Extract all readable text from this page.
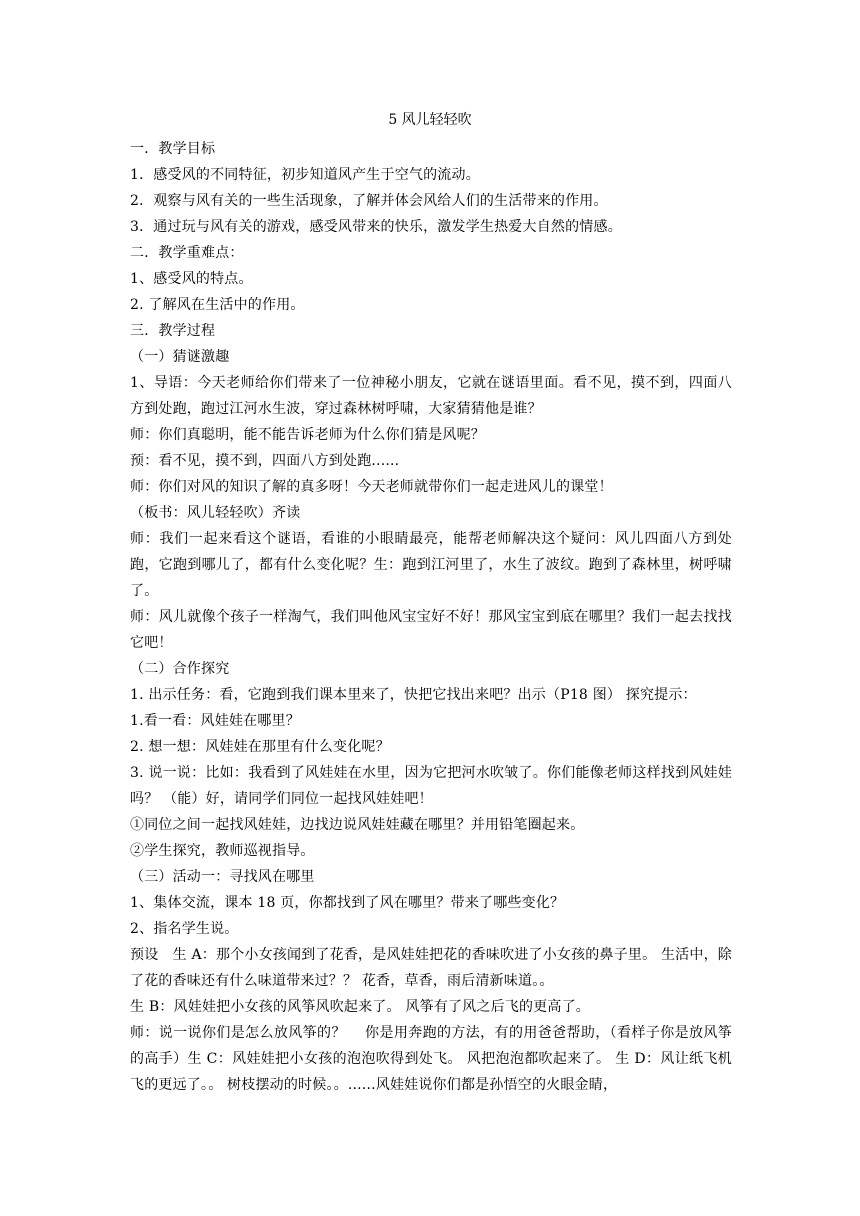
5 风儿轻轻吹

一．教学目标

1．感受风的不同特征，初步知道风产生于空气的流动。

2．观察与风有关的一些生活现象，了解并体会风给人们的生活带来的作用。

3．通过玩与风有关的游戏，感受风带来的快乐，激发学生热爱大自然的情感。

二．教学重难点：

1、感受风的特点。

2. 了解风在生活中的作用。

三．教学过程

（一）猜谜激趣

1、导语：今天老师给你们带来了一位神秘小朋友，它就在谜语里面。看不见，摸不到，四面八方到处跑，跑过江河水生波，穿过森林树呼啸，大家猜猜他是谁？

师：你们真聪明，能不能告诉老师为什么你们猜是风呢？

预：看不见，摸不到，四面八方到处跑......

师：你们对风的知识了解的真多呀！今天老师就带你们一起走进风儿的课堂！

（板书：风儿轻轻吹）齐读

师：我们一起来看这个谜语，看谁的小眼睛最亮，能帮老师解决这个疑问：风儿四面八方到处跑，它跑到哪儿了，都有什么变化呢？生：跑到江河里了，水生了波纹。跑到了森林里，树呼啸了。

师：风儿就像个孩子一样淘气，我们叫他风宝宝好不好！那风宝宝到底在哪里？我们一起去找找它吧！

（二）合作探究

1. 出示任务：看，它跑到我们课本里来了，快把它找出来吧？出示（P18 图） 探究提示：

1.看一看：风娃娃在哪里？

2. 想一想：风娃娃在那里有什么变化呢？

3. 说一说：比如：我看到了风娃娃在水里，因为它把河水吹皱了。你们能像老师这样找到风娃娃吗？ （能）好，请同学们同位一起找风娃娃吧！

①同位之间一起找风娃娃，边找边说风娃娃藏在哪里？并用铅笔圈起来。

②学生探究，教师巡视指导。

（三）活动一：寻找风在哪里

1、集体交流，课本 18 页，你都找到了风在哪里？带来了哪些变化？

2、指名学生说。

预设　生 A：那个小女孩闻到了花香，是风娃娃把花的香味吹进了小女孩的鼻子里。 生活中，除了花的香味还有什么味道带来过？？ 花香，草香，雨后清新味道。。

生 B：风娃娃把小女孩的风筝风吹起来了。 风筝有了风之后飞的更高了。

师：说一说你们是怎么放风筝的？ 　你是用奔跑的方法，有的用爸爸帮助，（看样子你是放风筝的高手）生 C：风娃娃把小女孩的泡泡吹得到处飞。 风把泡泡都吹起来了。 生 D：风让纸飞机飞的更远了。。 树枝摆动的时候。。......风娃娃说你们都是孙悟空的火眼金睛，
